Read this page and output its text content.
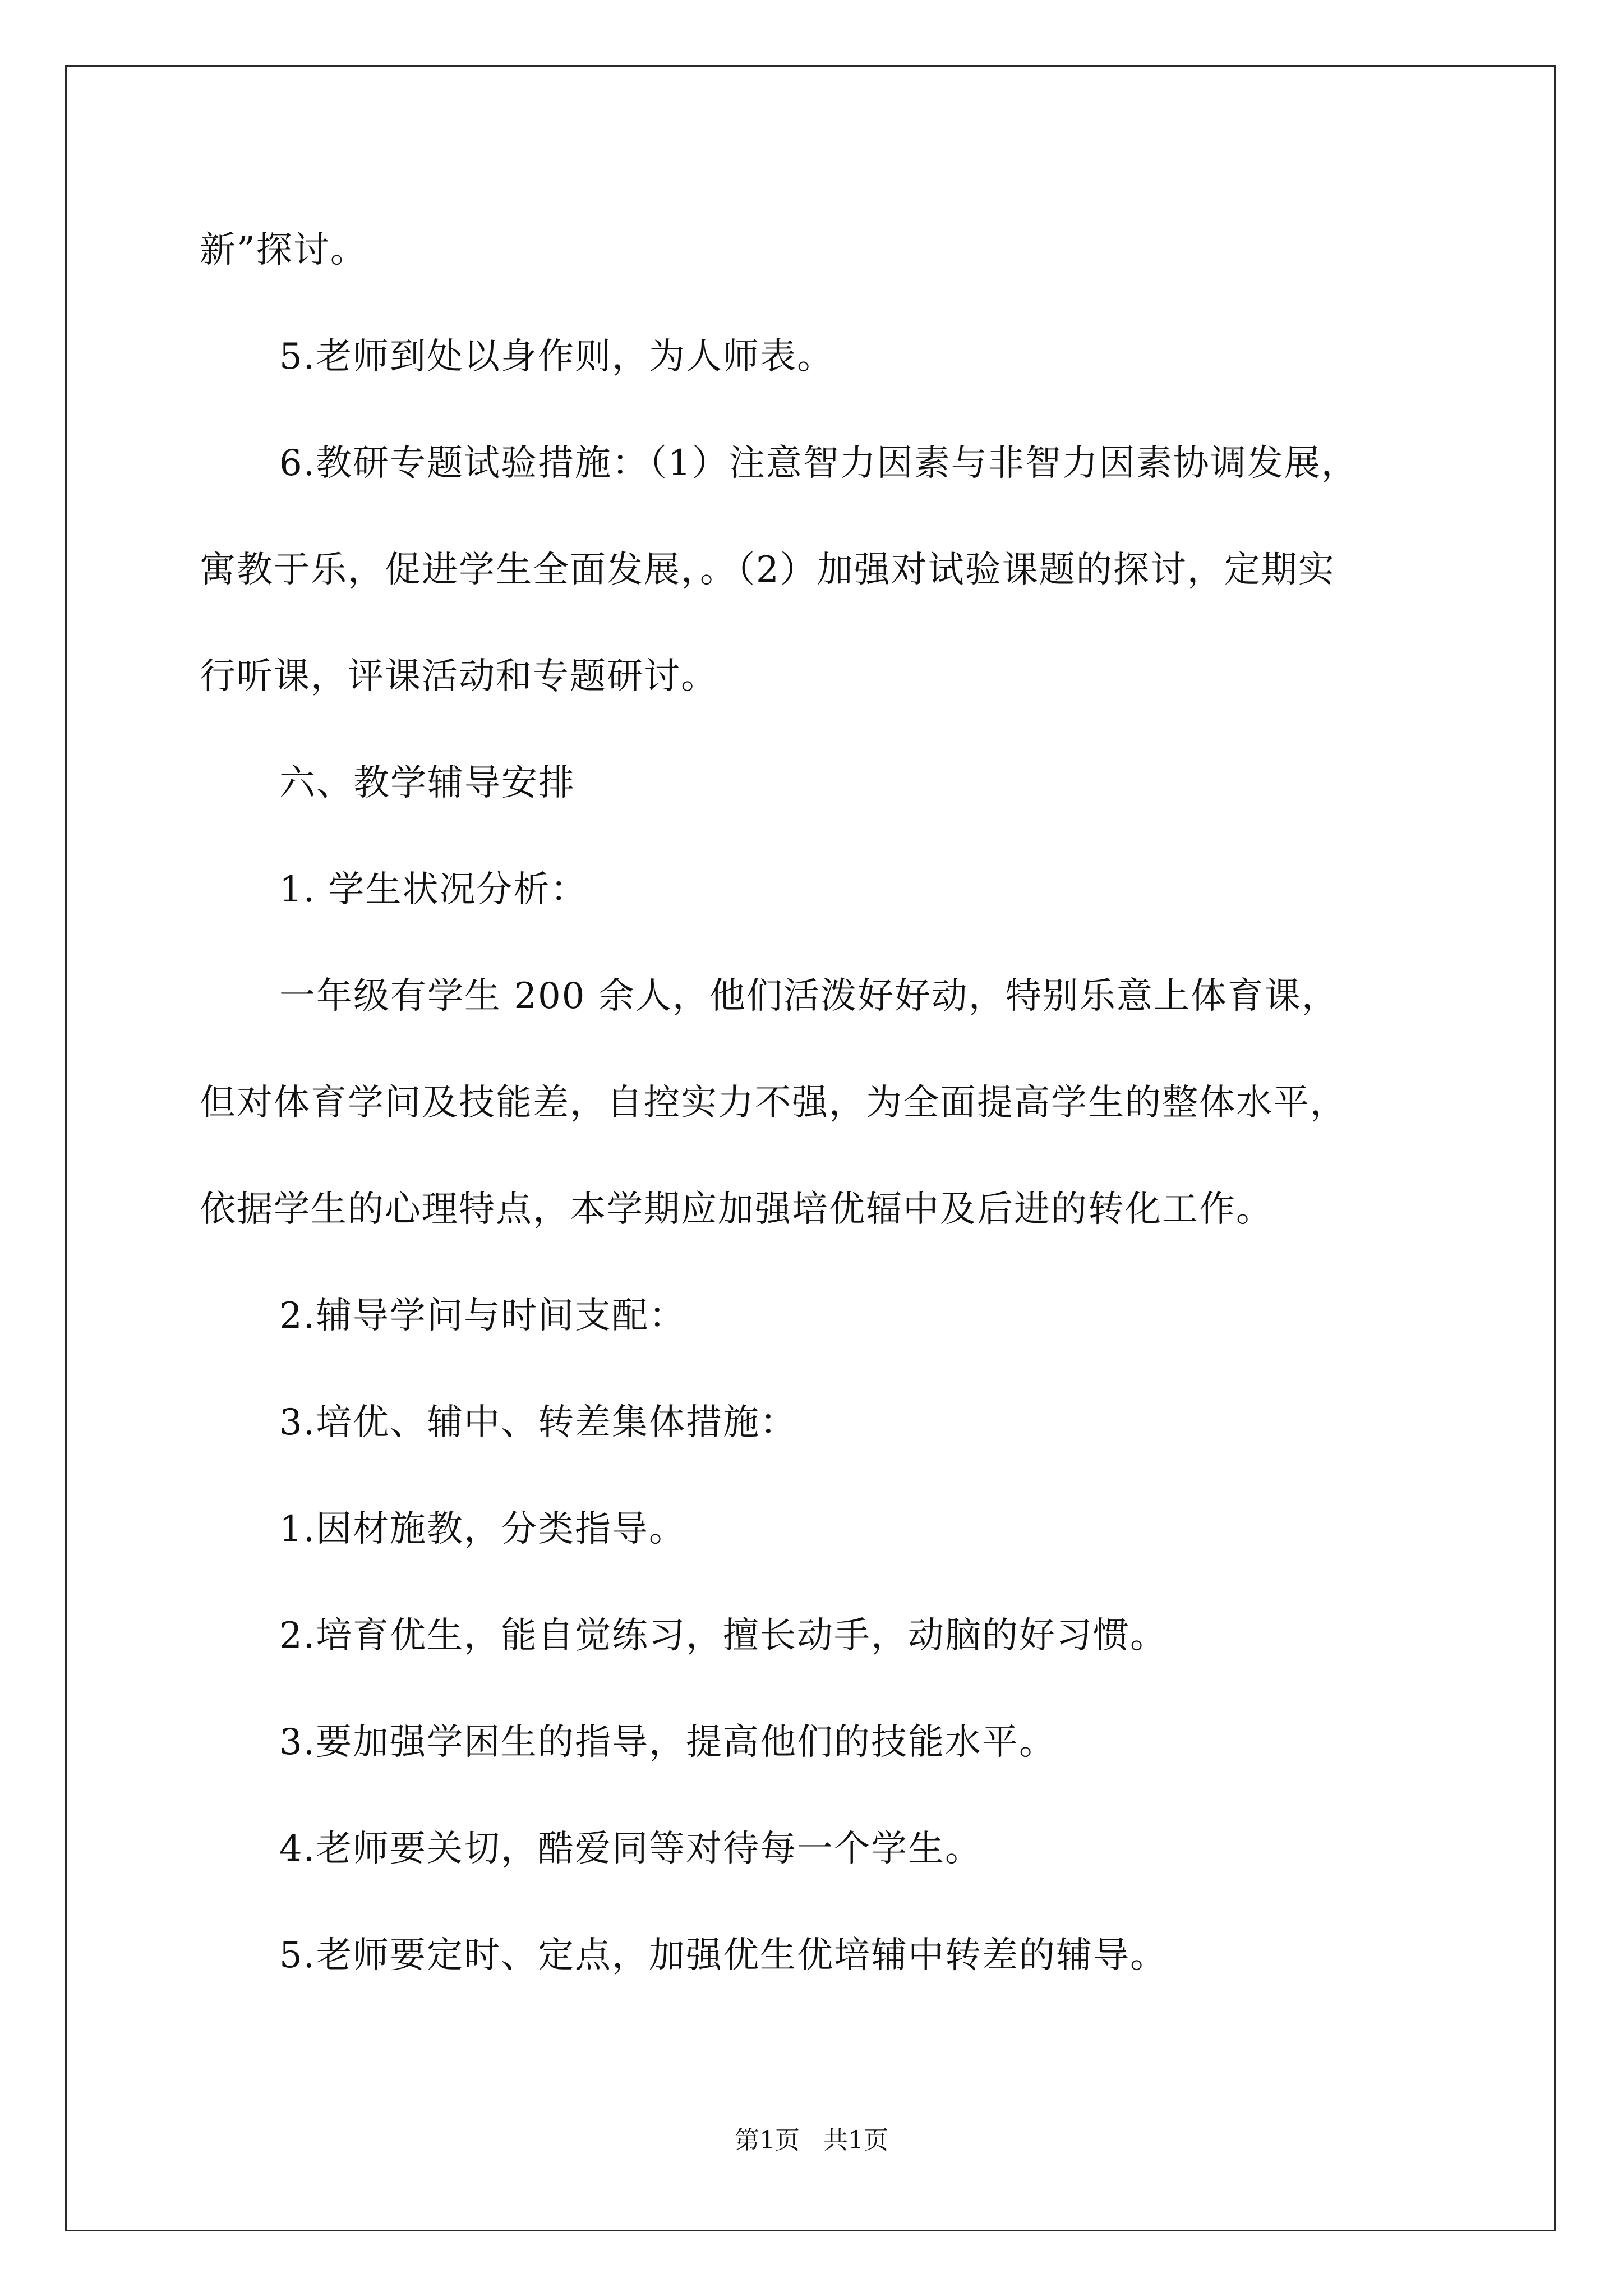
新”探讨。
5.老师到处以身作则，为人师表。
6.教研专题试验措施：（1）注意智力因素与非智力因素协调发展，
寓教于乐，促进学生全面发展，。（2）加强对试验课题的探讨，定期实
行听课，评课活动和专题研讨。
六、教学辅导安排
1. 学生状况分析：
一年级有学生 200 余人，他们活泼好好动，特别乐意上体育课，
但对体育学问及技能差，自控实力不强，为全面提高学生的整体水平，
依据学生的心理特点，本学期应加强培优辐中及后进的转化工作。
2.辅导学问与时间支配：
3.培优、辅中、转差集体措施：
1.因材施教，分类指导。
2.培育优生，能自觉练习，擅长动手，动脑的好习惯。
3.要加强学困生的指导，提高他们的技能水平。
4.老师要关切，酷爱同等对待每一个学生。
5.老师要定时、定点，加强优生优培辅中转差的辅导。
第1页   共1页
